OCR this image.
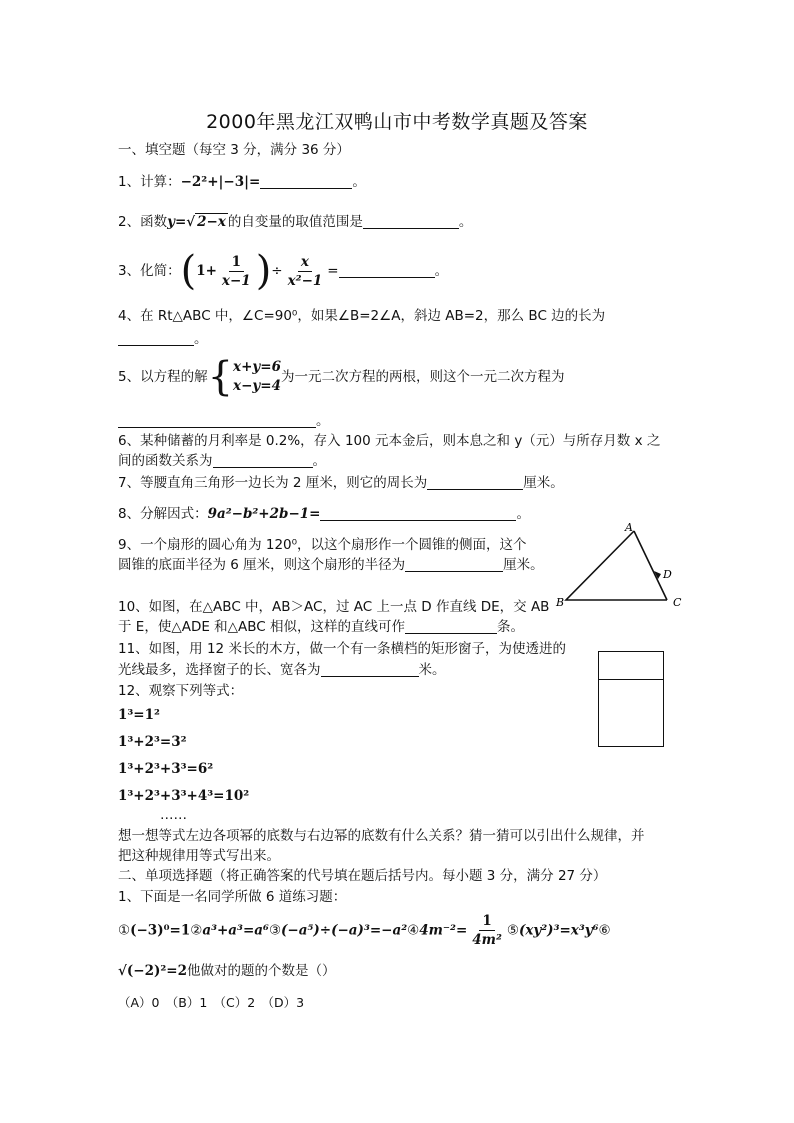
2000年黑龙江双鸭山市中考数学真题及答案
一、填空题（每空 3 分，满分 36 分）
1、计算：−2²+|−3|=	。
2、函数y=√ 2−x 的自变量的取值范围是	。
3、化简：($1+ \frac{1}{x-1}$ )÷ $\frac{x}{\text{x²−1}}$ =	。
4、在 Rt△ABC 中，∠C=90⁰，如果∠B=2∠A，斜边 AB=2，那么 BC 边的长为
。
5、以方程的解 { x+y=6
x−y=4
为一元二次方程的两根，则这个一元二次方程为
。
6、某种储蓄的月利率是 0.2%，存入 100 元本金后，则本息之和 y（元）与所存月数 x 之
间的函数关系为	。
7、等腰直角三角形一边长为 2 厘米，则它的周长为	厘米。
8、分解因式：9a²−b²+2b−1=	。
9、一个扇形的圆心角为 120⁰，以这个扇形作一个圆锥的侧面，这个
圆锥的底面半径为 6 厘米，则这个扇形的半径为	厘米。
10、如图，在△ABC 中，AB＞AC，过 AC 上一点 D 作直线 DE，交 AB
于 E，使△ADE 和△ABC 相似，这样的直线可作	条。
11、如图，用 12 米长的木方，做一个有一条横档的矩形窗子，为使透进的
光线最多，选择窗子的长、宽各为	米。
12、观察下列等式：
1³=1²
1³+2³=3²
1³+2³+3³=6²
1³+2³+3³+4³=10²
……
想一想等式左边各项幂的底数与右边幂的底数有什么关系？猜一猜可以引出什么规律，并
把这种规律用等式写出来。
二、单项选择题（将正确答案的代号填在题后括号内。每小题 3 分，满分 27 分）
1、下面是一名同学所做 6 道练习题：
①(−3)⁰=1②a³+a³=a⁶③(−a⁵)÷(−a)³=−a²④4m⁻²= $\frac{1}{\text{4m²}}$ ⑤(xy²)³=x³y⁶⑥
√(−2)²=2他做对的题的个数是（）
（A）0　（B）1　（C）2　（D）3
A
B	C
D
